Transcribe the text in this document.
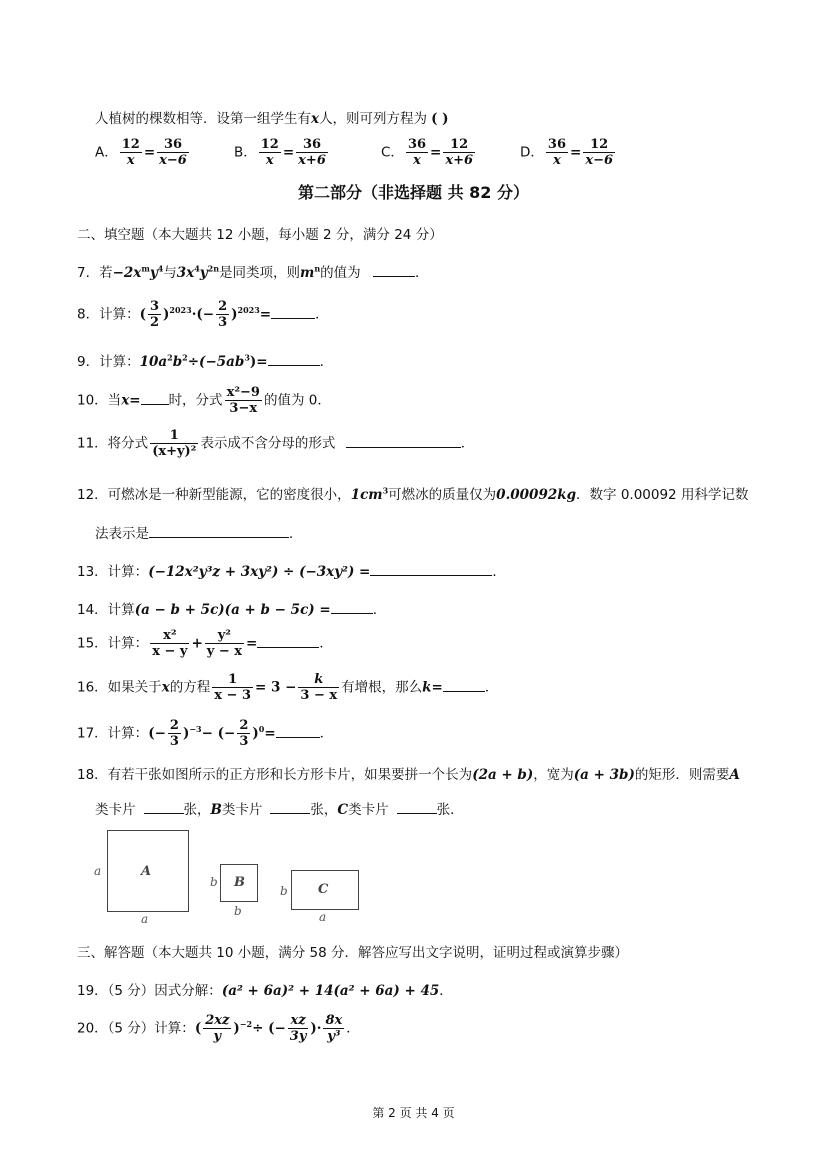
人植树的棵数相等．设第一组学生有x人，则可列方程为 ( )
A． $\frac{12}{x} = \frac{36}{x-6}$	B． $\frac{12}{x} = \frac{36}{x+6}$	C． $\frac{36}{x} = \frac{12}{x+6}$	D． $\frac{36}{x} = \frac{12}{x-6}$
第二部分（非选择题 共 82 分）
二、填空题（本大题共 12 小题，每小题 2 分，满分 24 分）
7．若$-2x^my^4$与$3x^4y^{2n}$是同类项，则$m^n$的值为	．
8．计算：( $\frac{3}{2} )^{2023}\cdot(- \frac{2}{3} )^{2023}=$	．
9．计算：$10a^2b^2\div(-5ab^3)=$	．
10．当x= 时，分式 $\frac{\text{x²−9}}{3-x}$ 的值为 0．
11．将分式 $\frac{1}{\text{(x+y)²}}$ 表示成不含分母的形式	．
12．可燃冰是一种新型能源，它的密度很小，$1cm^3$可燃冰的质量仅为0.00092kg．数字 0.00092 用科学记数
法表示是	．
13．计算：(−12x²y³z + 3xy²) ÷ (−3xy²) =	．
14．计算(a − b + 5c)(a + b − 5c) =	．
15．计算： $\frac{\text{x²}}{x - y} + \frac{\text{y²}}{y - x}$ =	．
16．如果关于x的方程 $\frac{1}{x - 3} = 3 - \frac{k}{3 - x}$ 有增根，那么k=	．
17．计算：(− $\frac{2}{3} )^{-3}-$ (− $\frac{2}{3} )^0=$	．
18．有若干张如图所示的正方形和长方形卡片，如果要拼一个长为(2a + b)，宽为(a + 3b)的矩形．则需要A
类卡片	张，B类卡片	张，C类卡片	张．
A
a
a
B
b
b
C
b
a
三、解答题（本大题共 10 小题，满分 58 分．解答应写出文字说明，证明过程或演算步骤）
19．（5 分）因式分解：(a² + 6a)² + 14(a² + 6a) + 45．
20．（5 分）计算：( $\frac{2xz}{y} )^{-2}\div$ (− $\frac{xz}{3y}$ )· $\frac{8x}{\text{y³}}$ ．
第 2 页 共 4 页
